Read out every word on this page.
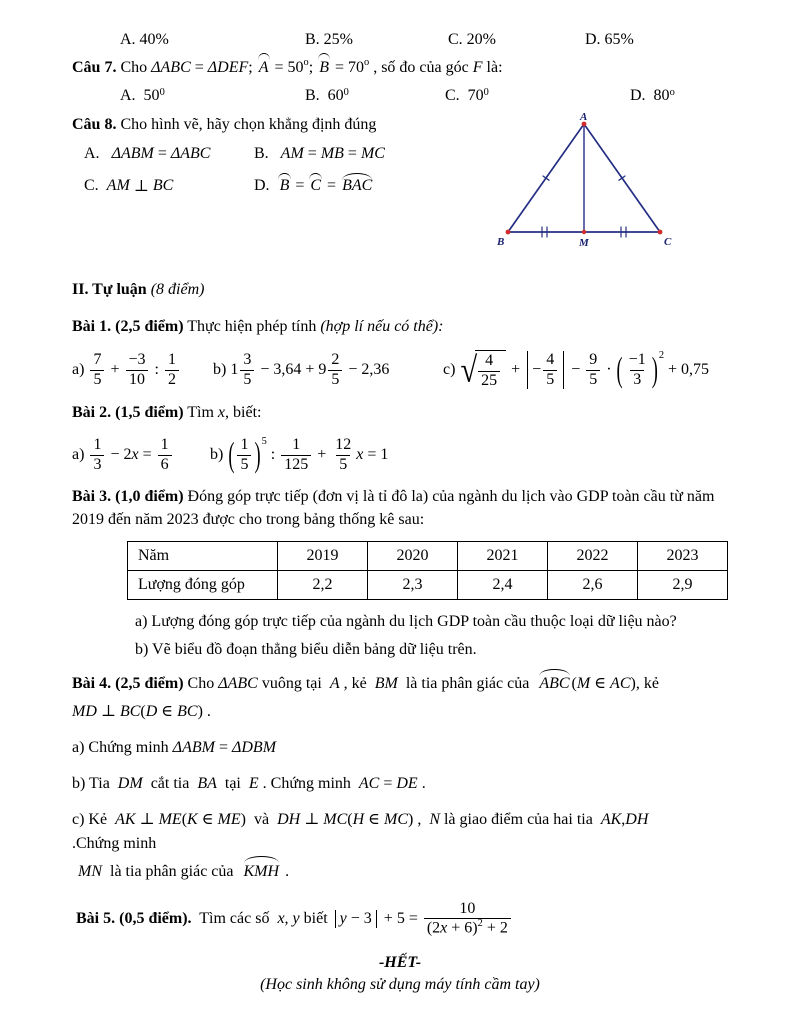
A. 40%	B. 25%	C. 20%	D. 65%

Câu 7. Cho ΔABC = ΔDEF ; $A = 50^o$ ; $B = 70^o$ , số đo của góc F là:

A.  50 0	B.  60 0	C.  70 0	D.  80 o

Câu 8. Cho hình vẽ, hãy chọn khẳng định đúng

A. ΔABM = ΔABC	B. AM = MB = MC
C. AM ⊥ BC	D. B = C = BAC
A
B	C
M

II. Tự luận (8 điểm)

Bài 1. (2,5 điểm) Thực hiện phép tính (hợp lí nếu có thể):

$a) \frac{7}{5} + \frac{-3}{10}$ : $\frac{1}{2} b$) $1 \frac{3}{5} - 3,64 + 9 \frac{2}{5} - 2,36$	c) √ $\frac{4}{25}$ + − $\frac{4}{5} - \frac{9}{5}$ · ( $\frac{-1}{3} )^2$
+ 0,75

Bài 2. (1,5 điểm) Tìm x , biết:

$a) \frac{1}{3} - 2$ $x = \frac{1}{6} b$) ( $\frac{1}{5} )^5$
: $\frac{1}{125} + \frac{12}{5}$ x = 1

Bài 3. (1,0 điểm) Đóng góp trực tiếp (đơn vị là tỉ đô la) của ngành du lịch vào GDP toàn cầu từ năm 2019 đến năm 2023 được cho trong bảng thống kê sau:

Năm	2019	2020	2021	2022	2023
Lượng đóng góp	2,2	2,3	2,4	2,6	2,9

a) Lượng đóng góp trực tiếp của ngành du lịch GDP toàn cầu thuộc loại dữ liệu nào?

b) Vẽ biểu đồ đoạn thẳng biểu diễn bảng dữ liệu trên.

Bài 4. (2,5 điểm) Cho ΔABC vuông tại A , kẻ BM là tia phân giác của ABC ( M ∈ AC ), kẻ

MD ⊥ BC ( D ∈ BC ) .

a) Chứng minh ΔABM = ΔDBM

b) Tia DM cắt tia BA tại E . Chứng minh AC = DE .

c) Kẻ AK ⊥ ME ( K ∈ ME )  và DH ⊥ MC ( H ∈ MC ) , N là giao điểm của hai tia AK , DH
.Chứng minh

MN là tia phân giác của KMH .

Bài 5. (0,5 điểm). Tìm các số x, y biết $y - 3 + 5 = \frac{10}{(2x + 6)^2 + 2}$

-HẾT-

(Học sinh không sử dụng máy tính cầm tay)
